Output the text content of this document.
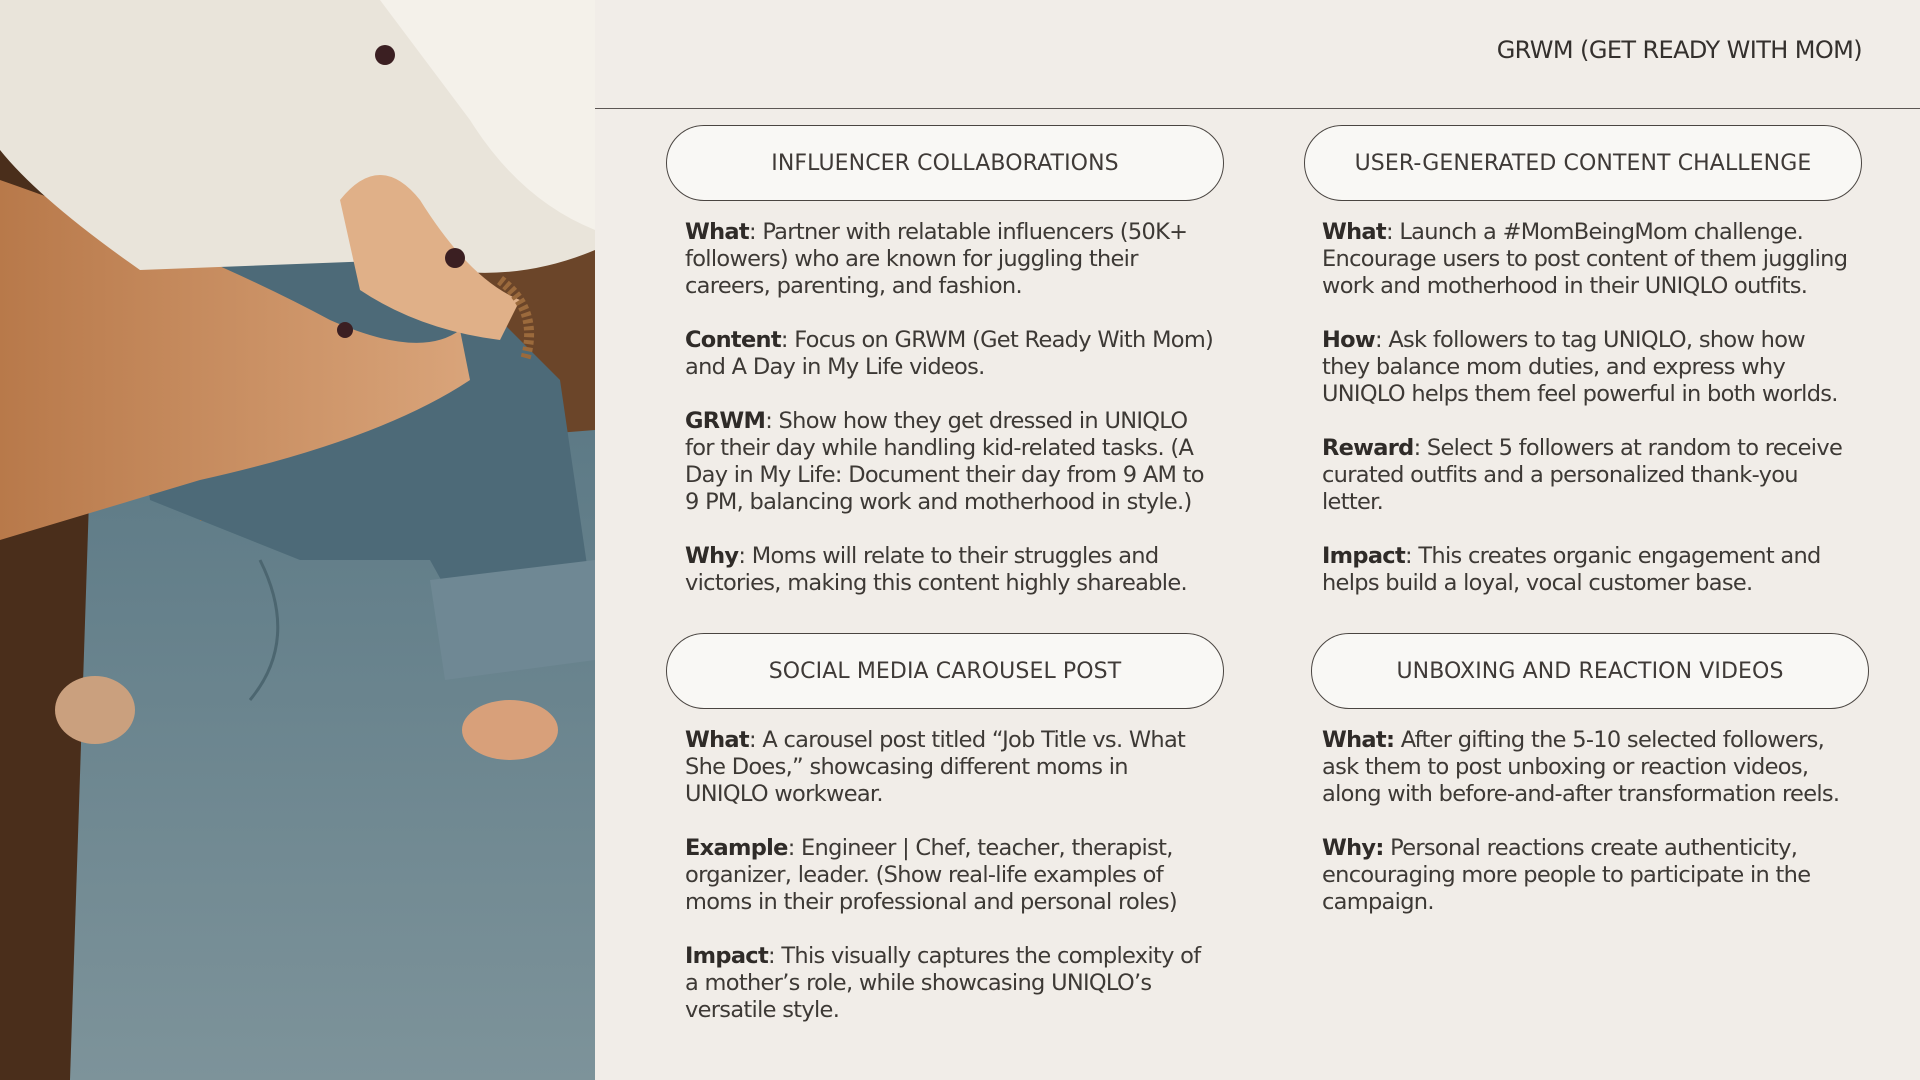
GRWM (GET READY WITH MOM)
INFLUENCER COLLABORATIONS

What: Partner with relatable influencers (50K+ followers) who are known for juggling their careers, parenting, and fashion.

Content: Focus on GRWM (Get Ready With Mom) and A Day in My Life videos.

GRWM: Show how they get dressed in UNIQLO for their day while handling kid-related tasks. (A Day in My Life: Document their day from 9 AM to 9 PM, balancing work and motherhood in style.)

Why: Moms will relate to their struggles and victories, making this content highly shareable.

USER-GENERATED CONTENT CHALLENGE

What: Launch a #MomBeingMom challenge. Encourage users to post content of them juggling work and motherhood in their UNIQLO outfits.

How: Ask followers to tag UNIQLO, show how they balance mom duties, and express why UNIQLO helps them feel powerful in both worlds.

Reward: Select 5 followers at random to receive curated outfits and a personalized thank-you letter.

Impact: This creates organic engagement and helps build a loyal, vocal customer base.

SOCIAL MEDIA CAROUSEL POST

What: A carousel post titled “Job Title vs. What She Does,” showcasing different moms in UNIQLO workwear.

Example: Engineer | Chef, teacher, therapist, organizer, leader. (Show real-life examples of moms in their professional and personal roles)

Impact: This visually captures the complexity of a mother’s role, while showcasing UNIQLO’s versatile style.

UNBOXING AND REACTION VIDEOS

What: After gifting the 5-10 selected followers, ask them to post unboxing or reaction videos, along with before-and-after transformation reels.

Why: Personal reactions create authenticity, encouraging more people to participate in the campaign.
